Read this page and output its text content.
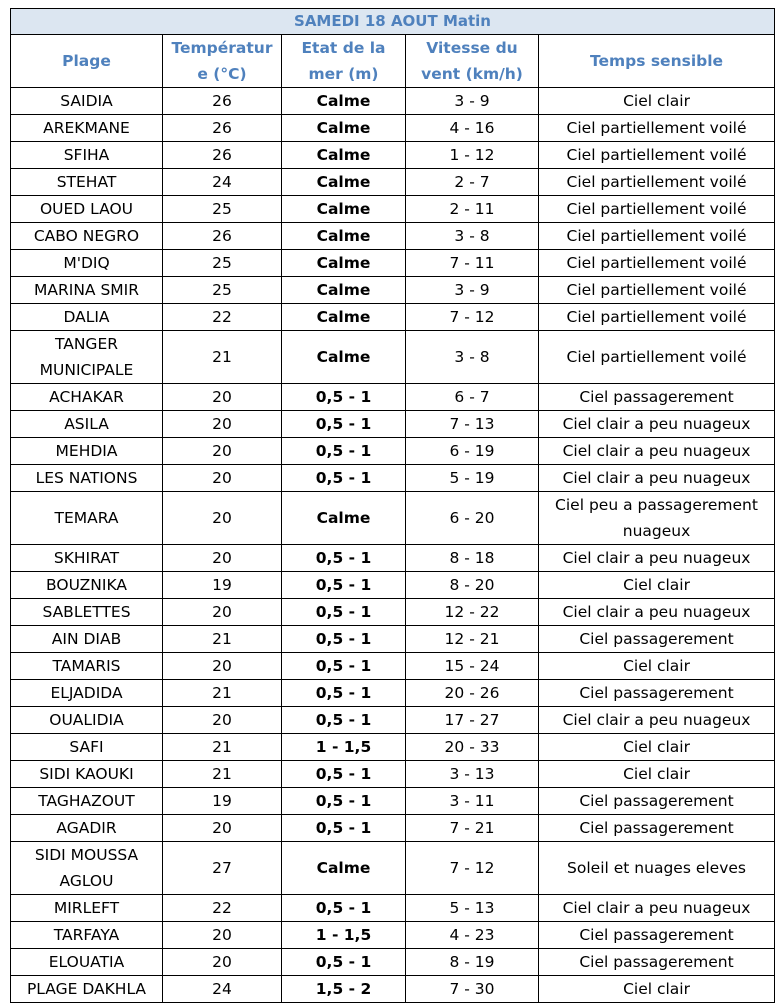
SAMEDI 18 AOUT Matin				
Plage	Températur e (°C)	Etat de la mer (m)	Vitesse du vent (km/h)	Temps sensible
SAIDIA	26	Calme	3 - 9	Ciel clair
AREKMANE	26	Calme	4 - 16	Ciel partiellement voilé
SFIHA	26	Calme	1 - 12	Ciel partiellement voilé
STEHAT	24	Calme	2 - 7	Ciel partiellement voilé
OUED LAOU	25	Calme	2 - 11	Ciel partiellement voilé
CABO NEGRO	26	Calme	3 - 8	Ciel partiellement voilé
M'DIQ	25	Calme	7 - 11	Ciel partiellement voilé
MARINA SMIR	25	Calme	3 - 9	Ciel partiellement voilé
DALIA	22	Calme	7 - 12	Ciel partiellement voilé
TANGER MUNICIPALE	21	Calme	3 - 8	Ciel partiellement voilé
ACHAKAR	20	0,5 - 1	6 - 7	Ciel passagerement
ASILA	20	0,5 - 1	7 - 13	Ciel clair a peu nuageux
MEHDIA	20	0,5 - 1	6 - 19	Ciel clair a peu nuageux
LES NATIONS	20	0,5 - 1	5 - 19	Ciel clair a peu nuageux
TEMARA	20	Calme	6 - 20	Ciel peu a passagerement nuageux
SKHIRAT	20	0,5 - 1	8 - 18	Ciel clair a peu nuageux
BOUZNIKA	19	0,5 - 1	8 - 20	Ciel clair
SABLETTES	20	0,5 - 1	12 - 22	Ciel clair a peu nuageux
AIN DIAB	21	0,5 - 1	12 - 21	Ciel passagerement
TAMARIS	20	0,5 - 1	15 - 24	Ciel clair
ELJADIDA	21	0,5 - 1	20 - 26	Ciel passagerement
OUALIDIA	20	0,5 - 1	17 - 27	Ciel clair a peu nuageux
SAFI	21	1 - 1,5	20 - 33	Ciel clair
SIDI KAOUKI	21	0,5 - 1	3 - 13	Ciel clair
TAGHAZOUT	19	0,5 - 1	3 - 11	Ciel passagerement
AGADIR	20	0,5 - 1	7 - 21	Ciel passagerement
SIDI MOUSSA AGLOU	27	Calme	7 - 12	Soleil et nuages eleves
MIRLEFT	22	0,5 - 1	5 - 13	Ciel clair a peu nuageux
TARFAYA	20	1 - 1,5	4 - 23	Ciel passagerement
ELOUATIA	20	0,5 - 1	8 - 19	Ciel passagerement
PLAGE DAKHLA	24	1,5 - 2	7 - 30	Ciel clair
